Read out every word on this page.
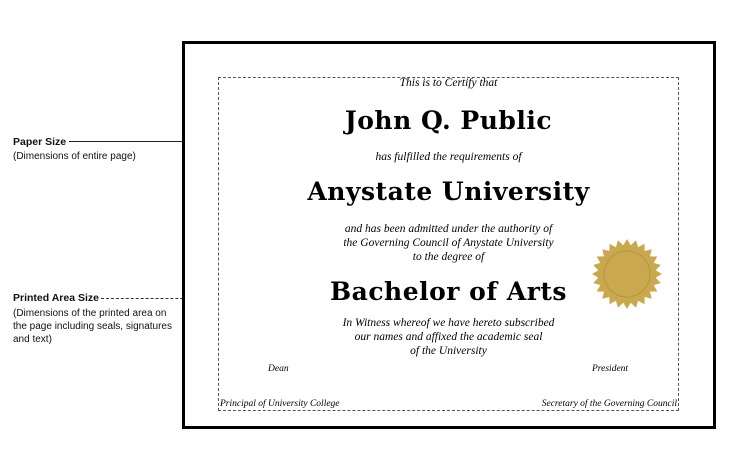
Paper Size
(Dimensions of entire page)
Printed Area Size
(Dimensions of the printed area on the page including seals, signatures and text)
This is to Certify that
John Q. Public
has fulfilled the requirements of
Anystate University
and has been admitted under the authority of
the Governing Council of Anystate University
to the degree of
Bachelor of Arts
In Witness whereof we have hereto subscribed
our names and affixed the academic seal
of the University
Dean	President
Principal of University College	Secretary of the Governing Council
